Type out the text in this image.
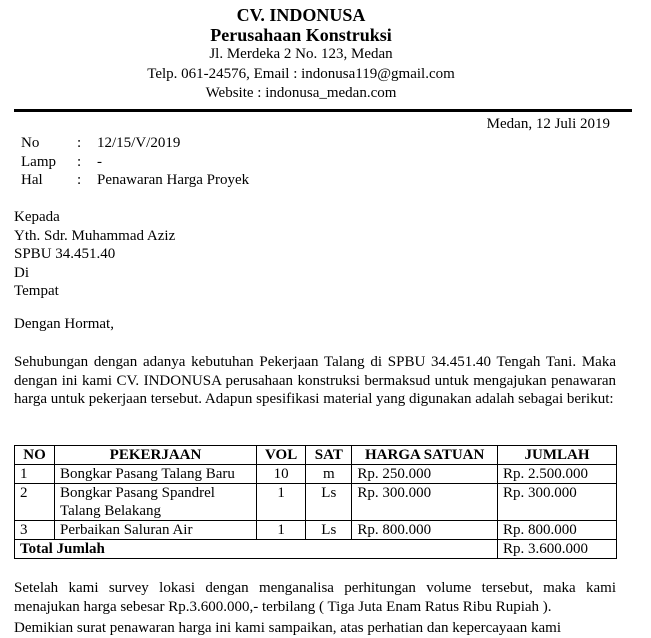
CV. INDONUSA
Perusahaan Konstruksi
Jl. Merdeka 2 No. 123, Medan
Telp. 061-24576, Email : indonusa119@gmail.com
Website : indonusa_medan.com
Medan, 12 Juli 2019
No	:	12/15/V/2019
Lamp	:	-
Hal	:	Penawaran Harga Proyek
Kepada
Yth. Sdr. Muhammad Aziz
SPBU 34.451.40
Di
Tempat
Dengan Hormat,
Sehubungan dengan adanya kebutuhan Pekerjaan Talang di SPBU 34.451.40 Tengah Tani. Maka dengan ini kami CV. INDONUSA perusahaan konstruksi bermaksud untuk mengajukan penawaran harga untuk pekerjaan tersebut. Adapun spesifikasi material yang digunakan adalah sebagai berikut:
NO	PEKERJAAN	VOL	SAT	HARGA SATUAN	JUMLAH
1	Bongkar Pasang Talang Baru	10	m	Rp. 250.000	Rp. 2.500.000
2	Bongkar Pasang Spandrel Talang Belakang	1	Ls	Rp. 300.000	Rp. 300.000
3	Perbaikan Saluran Air	1	Ls	Rp. 800.000	Rp. 800.000
Total Jumlah					Rp. 3.600.000
Setelah kami survey lokasi dengan menganalisa perhitungan volume tersebut, maka kami menajukan harga sebesar Rp.3.600.000,- terbilang ( Tiga Juta Enam Ratus Ribu Rupiah ).
Demikian surat penawaran harga ini kami sampaikan, atas perhatian dan kepercayaan kami
